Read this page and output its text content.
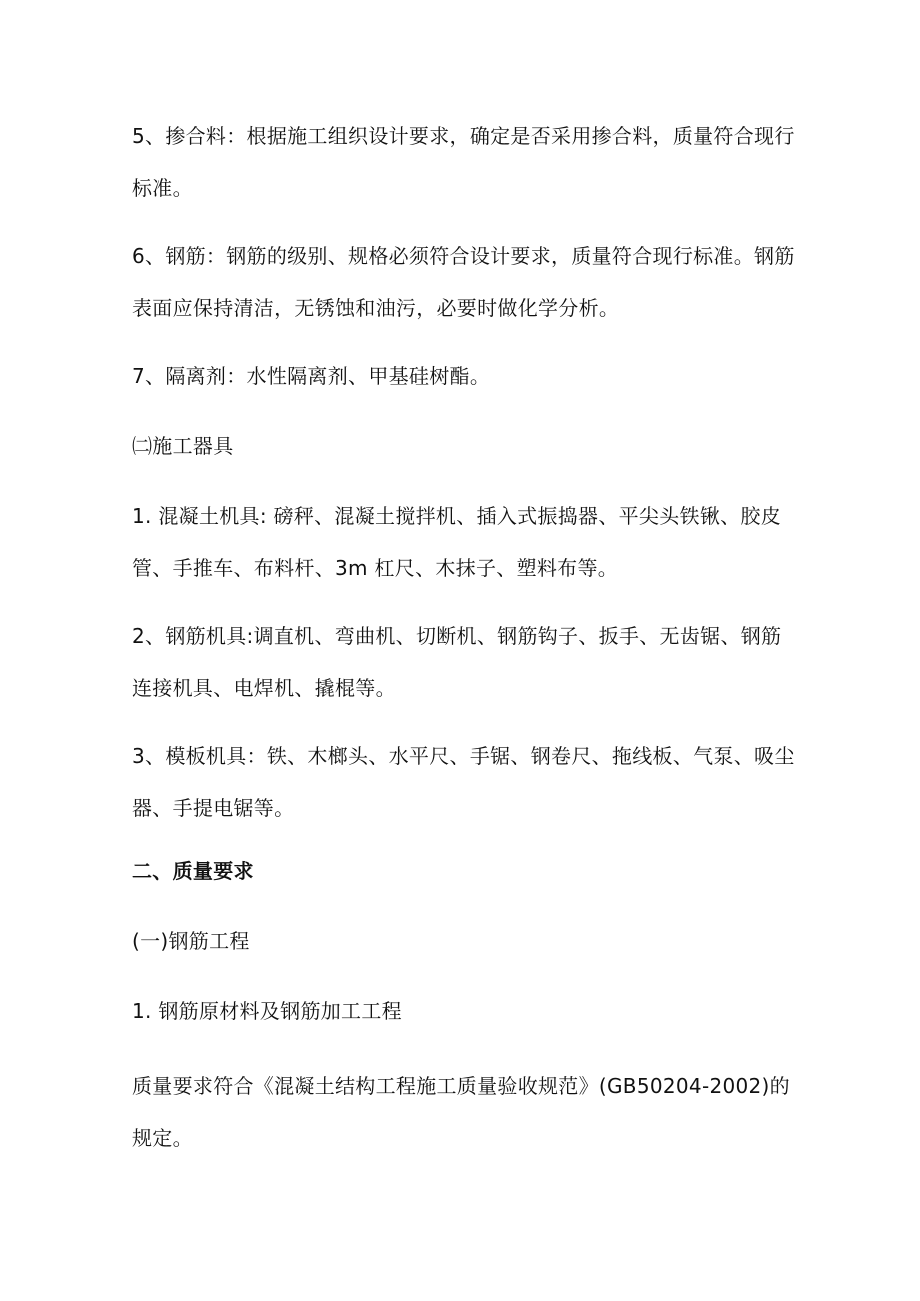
5、掺合料：根据施工组织设计要求，确定是否采用掺合料，质量符合现行标准。

6、钢筋：钢筋的级别、规格必须符合设计要求，质量符合现行标准。钢筋表面应保持清洁，无锈蚀和油污，必要时做化学分析。

7、隔离剂：水性隔离剂、甲基硅树酯。

㈡施工器具

1. 混凝土机具: 磅秤、混凝土搅拌机、插入式振捣器、平尖头铁锹、胶皮管、手推车、布料杆、3m 杠尺、木抹子、塑料布等。

2、钢筋机具:调直机、弯曲机、切断机、钢筋钩子、扳手、无齿锯、钢筋连接机具、电焊机、撬棍等。

3、模板机具：铁、木榔头、水平尺、手锯、钢卷尺、拖线板、气泵、吸尘器、手提电锯等。

二、质量要求

(一)钢筋工程

1. 钢筋原材料及钢筋加工工程

质量要求符合《混凝土结构工程施工质量验收规范》(GB50204-2002)的规定。
